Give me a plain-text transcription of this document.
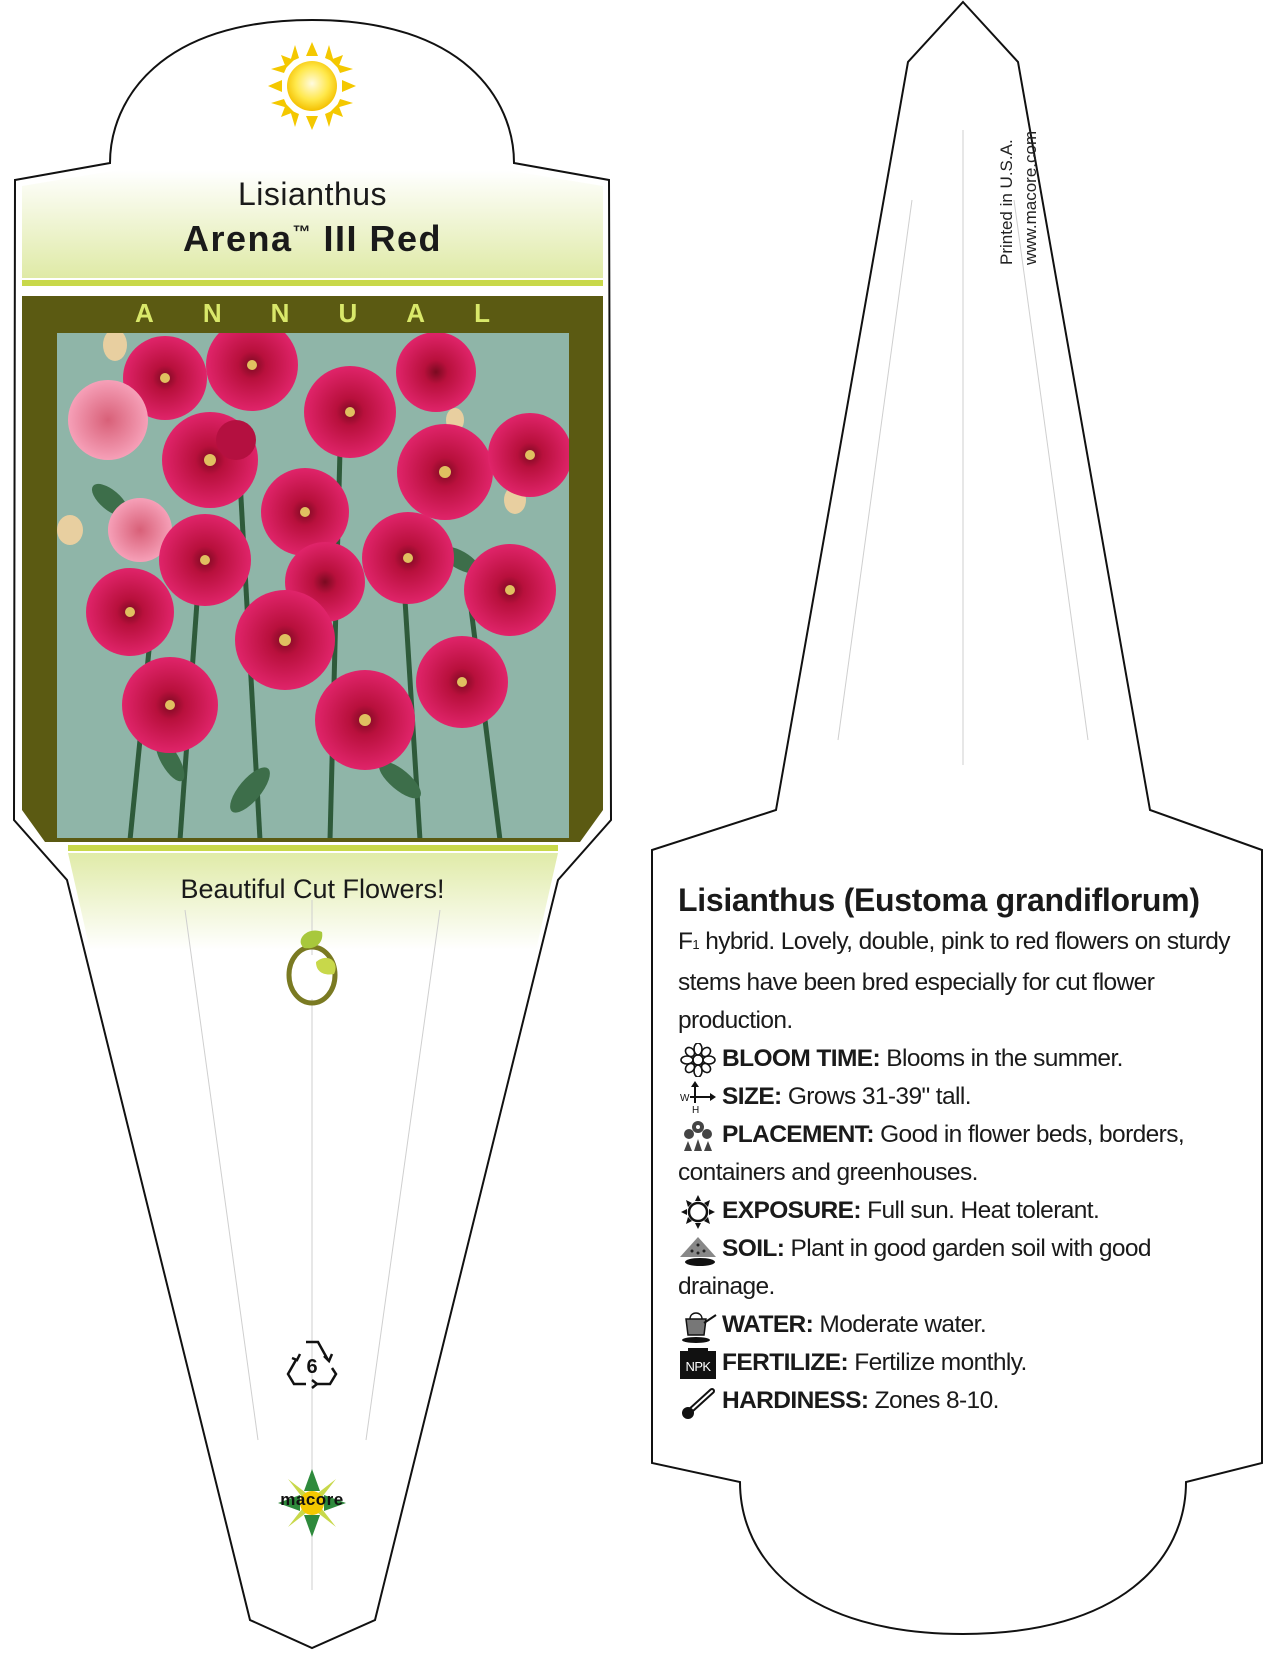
Lisianthus
Arena™ III Red
A N N U A L
Beautiful Cut Flowers!
6
macore
Printed in U.S.A. www.macore.com
Lisianthus (Eustoma grandiflorum)

F1 hybrid. Lovely, double, pink to red flowers on sturdy stems have been bred especially for cut flower production.

BLOOM TIME: Blooms in the summer.

W
H
SIZE: Grows 31-39" tall.

PLACEMENT: Good in flower beds, borders, containers and greenhouses.

EXPOSURE: Full sun. Heat tolerant.

SOIL: Plant in good garden soil with good drainage.

WATER: Moderate water.

NPK FERTILIZE: Fertilize monthly.

HARDINESS: Zones 8-10.
